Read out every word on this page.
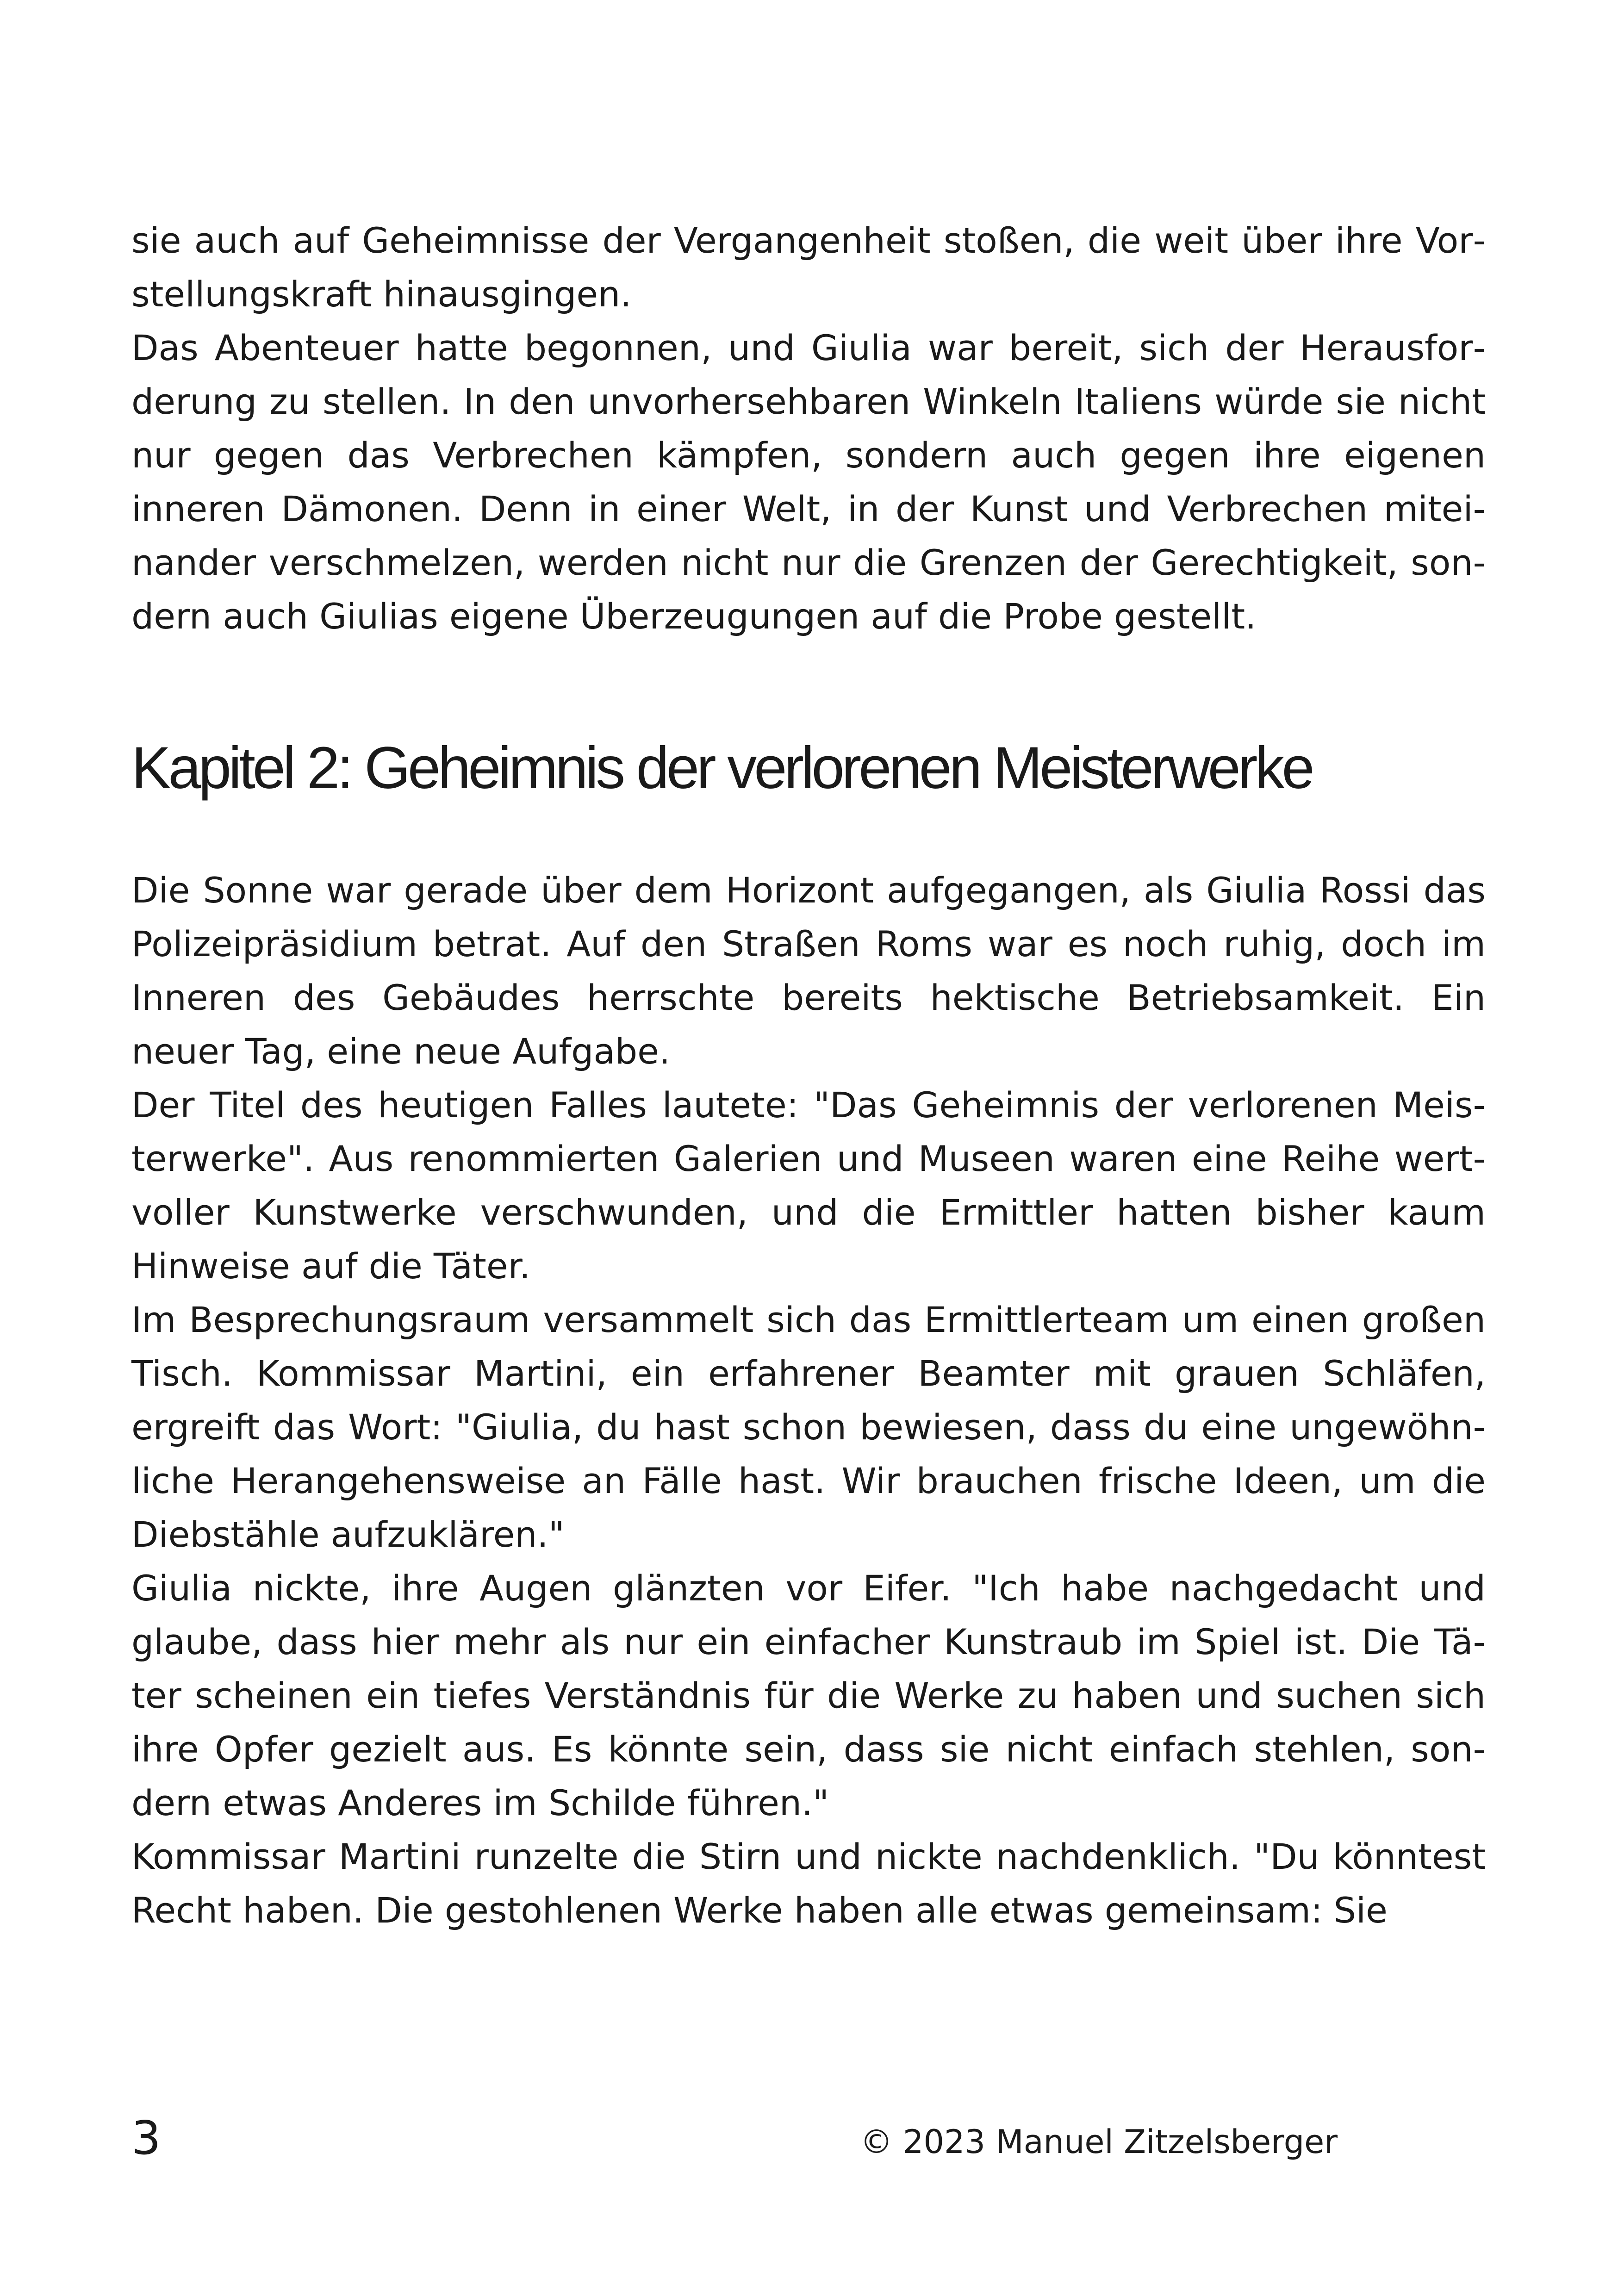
sie auch auf Geheimnisse der Vergangenheit stoßen, die weit über ihre Vorstellungskraft hinausgingen.

Das Abenteuer hatte begonnen, und Giulia war bereit, sich der Herausforderung zu stellen. In den unvorhersehbaren Winkeln Italiens würde sie nicht nur gegen das Verbrechen kämpfen, sondern auch gegen ihre eigenen inneren Dämonen. Denn in einer Welt, in der Kunst und Verbrechen miteinander verschmelzen, werden nicht nur die Grenzen der Gerechtigkeit, sondern auch Giulias eigene Überzeugungen auf die Probe gestellt.

Kapitel 2: Geheimnis der verlorenen Meisterwerke

Die Sonne war gerade über dem Horizont aufgegangen, als Giulia Rossi das Polizeipräsidium betrat. Auf den Straßen Roms war es noch ruhig, doch im Inneren des Gebäudes herrschte bereits hektische Betriebsamkeit. Ein neuer Tag, eine neue Aufgabe.

Der Titel des heutigen Falles lautete: "Das Geheimnis der verlorenen Meisterwerke". Aus renommierten Galerien und Museen waren eine Reihe wertvoller Kunstwerke verschwunden, und die Ermittler hatten bisher kaum Hinweise auf die Täter.

Im Besprechungsraum versammelt sich das Ermittlerteam um einen großen Tisch. Kommissar Martini, ein erfahrener Beamter mit grauen Schläfen, ergreift das Wort: "Giulia, du hast schon bewiesen, dass du eine ungewöhnliche Herangehensweise an Fälle hast. Wir brauchen frische Ideen, um die Diebstähle aufzuklären."

Giulia nickte, ihre Augen glänzten vor Eifer. "Ich habe nachgedacht und glaube, dass hier mehr als nur ein einfacher Kunstraub im Spiel ist. Die Täter scheinen ein tiefes Verständnis für die Werke zu haben und suchen sich ihre Opfer gezielt aus. Es könnte sein, dass sie nicht einfach stehlen, sondern etwas Anderes im Schilde führen."

Kommissar Martini runzelte die Stirn und nickte nachdenklich. "Du könntest Recht haben. Die gestohlenen Werke haben alle etwas gemeinsam: Sie

3	© 2023 Manuel Zitzelsberger
